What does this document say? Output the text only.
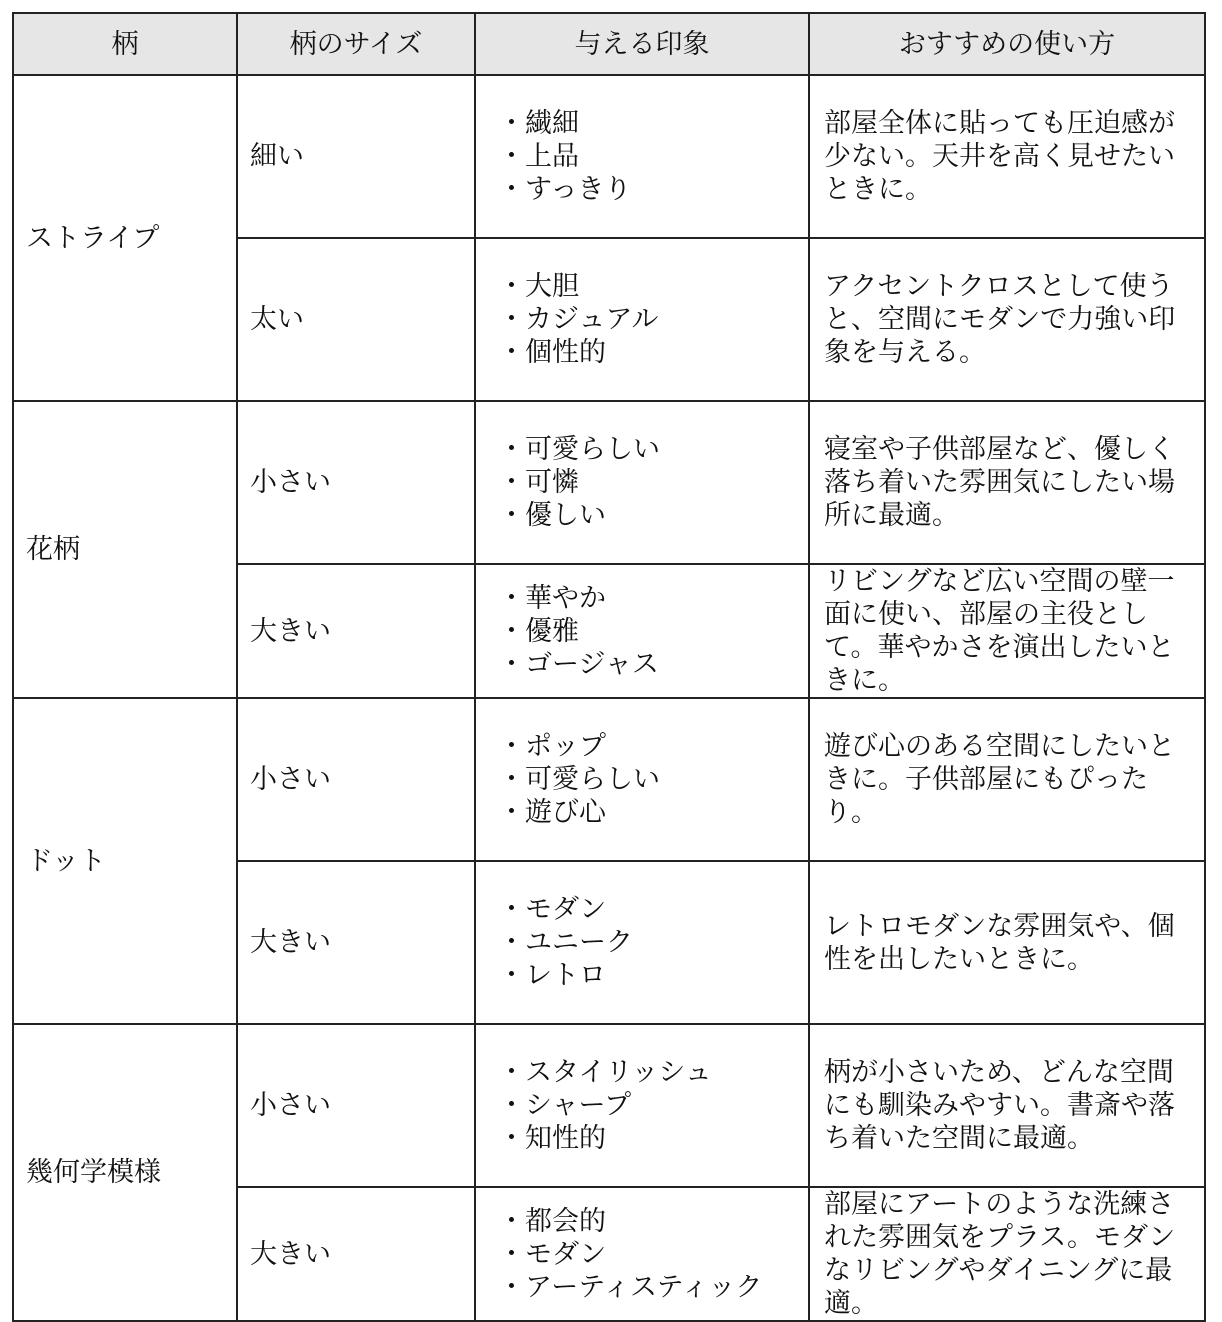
柄	柄のサイズ	与える印象	おすすめの使い方
ストライプ	細い	・繊細
・上品
・すっきり	部屋全体に貼っても圧迫感が少ない。天井を高く見せたいときに。

	太い	・大胆
・カジュアル
・個性的	アクセントクロスとして使うと、空間にモダンで力強い印象を与える。

花柄	小さい	・可愛らしい
・可憐
・優しい	寝室や子供部屋など、優しく落ち着いた雰囲気にしたい場所に最適。

	大きい	・華やか
・優雅
・ゴージャス	リビングなど広い空間の壁一面に使い、部屋の主役として。華やかさを演出したいときに。

ドット	小さい	・ポップ
・可愛らしい
・遊び心	遊び心のある空間にしたいときに。子供部屋にもぴったり。

	大きい	・モダン
・ユニーク
・レトロ	レトロモダンな雰囲気や、個性を出したいときに。

幾何学模様	小さい	・スタイリッシュ
・シャープ
・知性的	柄が小さいため、どんな空間にも馴染みやすい。書斎や落ち着いた空間に最適。

	大きい	・都会的
・モダン
・アーティスティック	部屋にアートのような洗練された雰囲気をプラス。モダンなリビングやダイニングに最適。
